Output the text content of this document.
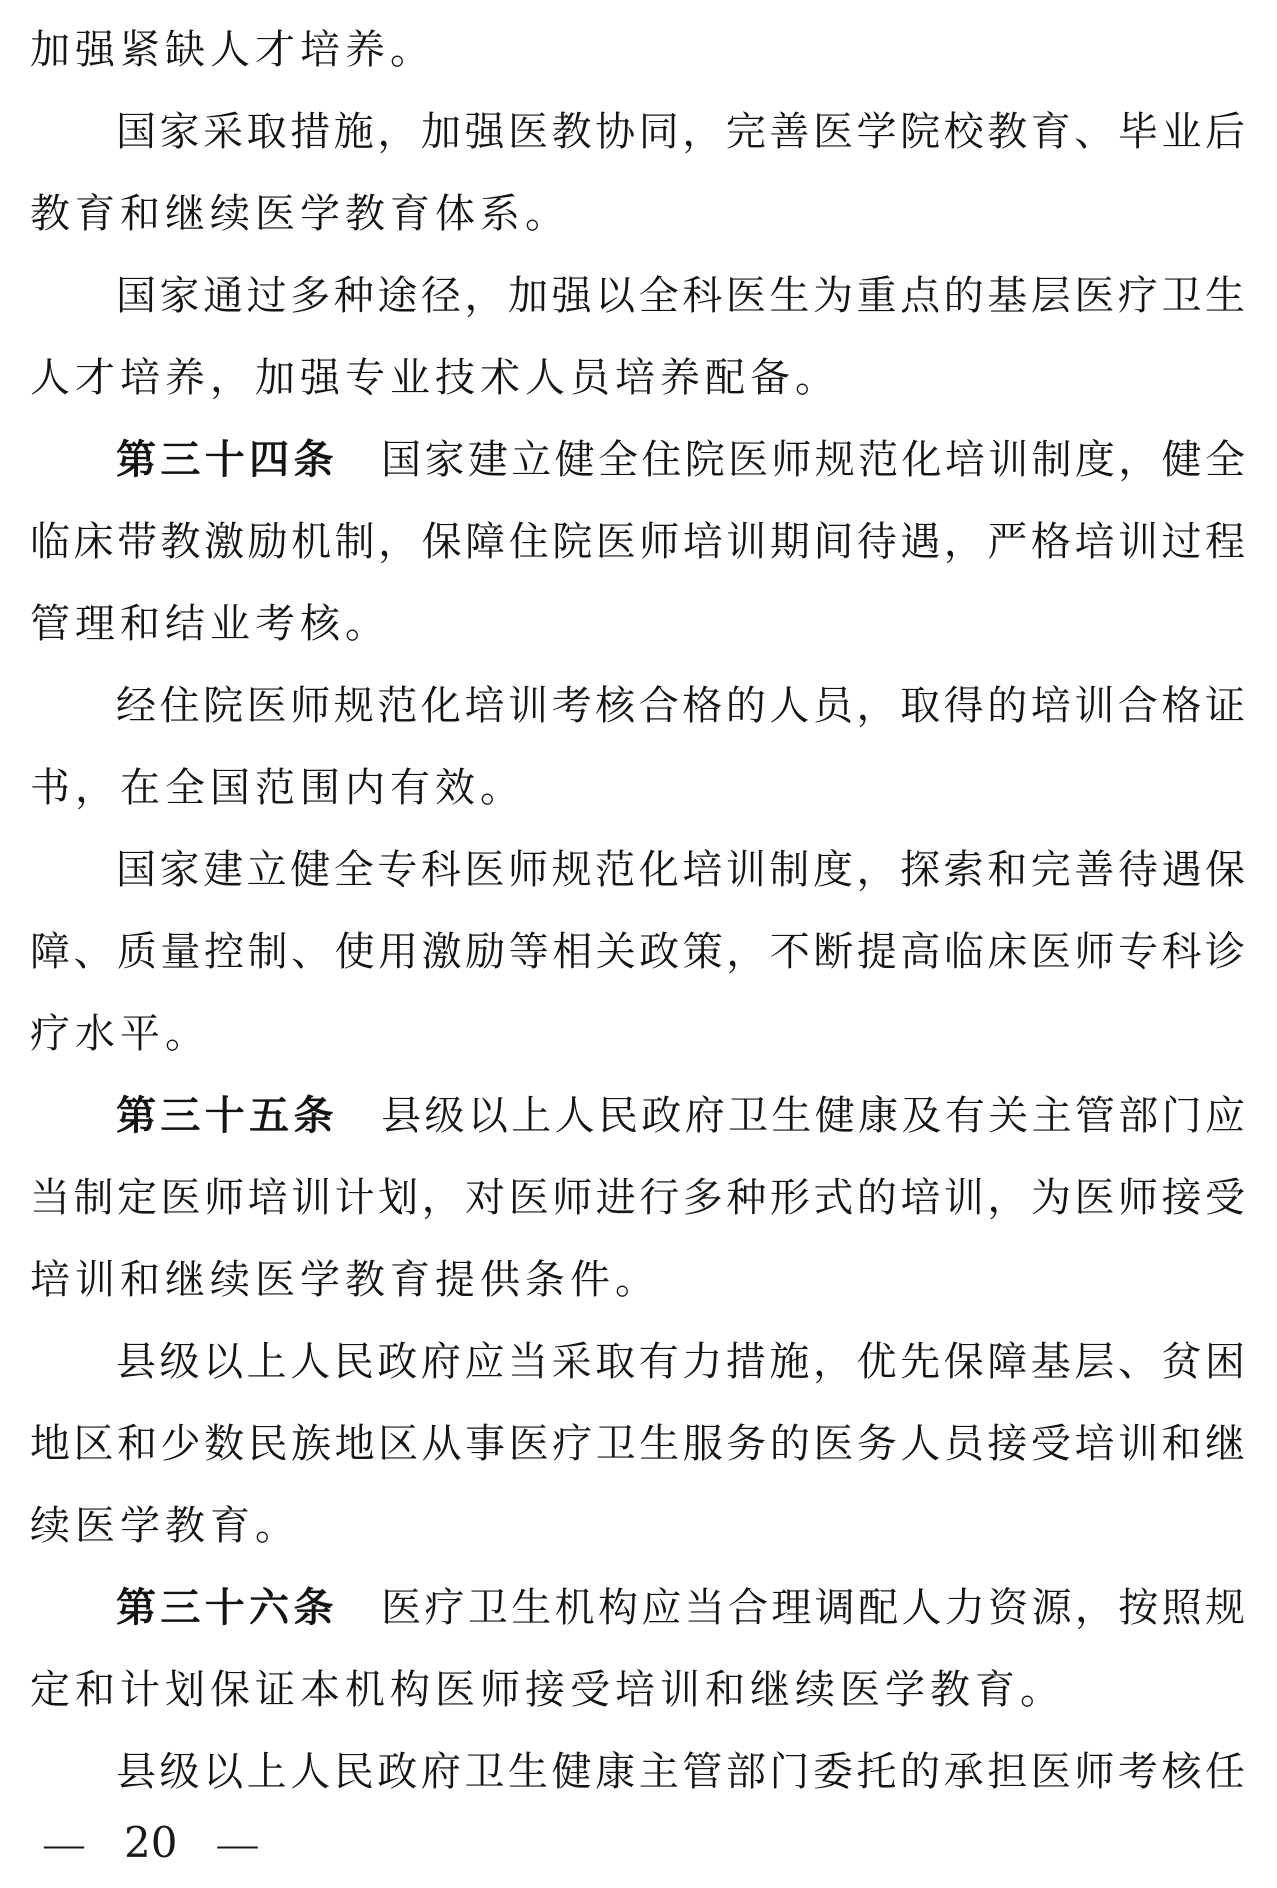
加强紧缺人才培养。
国家采取措施，加强医教协同，完善医学院校教育、毕业后
教育和继续医学教育体系。
国家通过多种途径，加强以全科医生为重点的基层医疗卫生
人才培养，加强专业技术人员培养配备。
第三十四条 国家建立健全住院医师规范化培训制度，健全
临床带教激励机制，保障住院医师培训期间待遇，严格培训过程
管理和结业考核。
经住院医师规范化培训考核合格的人员，取得的培训合格证
书，在全国范围内有效。
国家建立健全专科医师规范化培训制度，探索和完善待遇保
障、质量控制、使用激励等相关政策，不断提高临床医师专科诊
疗水平。
第三十五条 县级以上人民政府卫生健康及有关主管部门应
当制定医师培训计划，对医师进行多种形式的培训，为医师接受
培训和继续医学教育提供条件。
县级以上人民政府应当采取有力措施，优先保障基层、贫困
地区和少数民族地区从事医疗卫生服务的医务人员接受培训和继
续医学教育。
第三十六条 医疗卫生机构应当合理调配人力资源，按照规
定和计划保证本机构医师接受培训和继续医学教育。
县级以上人民政府卫生健康主管部门委托的承担医师考核任
— 20 —
